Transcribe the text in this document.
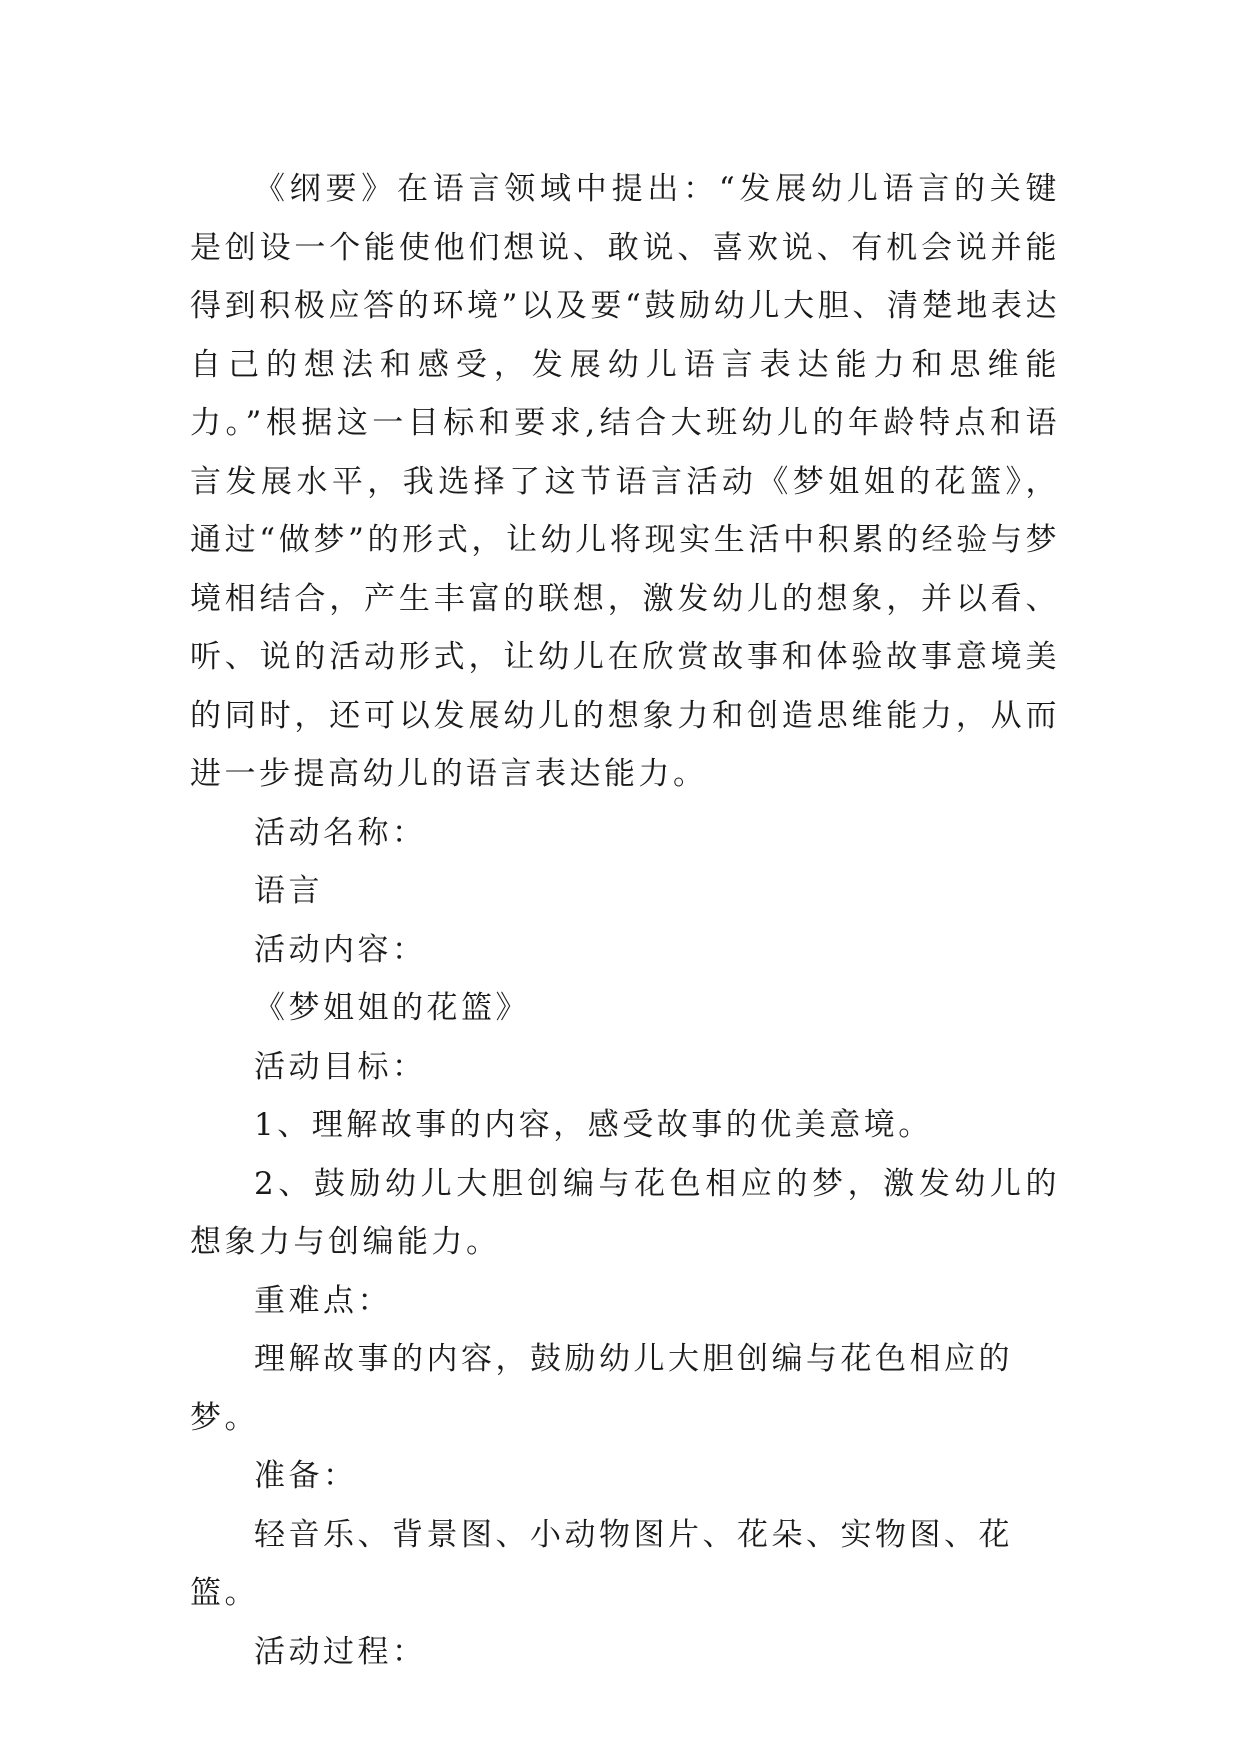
《纲要》在语言领域中提出：“发展幼儿语言的关键是创设一个能使他们想说、敢说、喜欢说、有机会说并能得到积极应答的环境”以及要“鼓励幼儿大胆、清楚地表达自己的想法和感受，发展幼儿语言表达能力和思维能力。”根据这一目标和要求,结合大班幼儿的年龄特点和语言发展水平，我选择了这节语言活动《梦姐姐的花篮》，通过“做梦”的形式，让幼儿将现实生活中积累的经验与梦境相结合，产生丰富的联想，激发幼儿的想象，并以看、听、说的活动形式，让幼儿在欣赏故事和体验故事意境美的同时，还可以发展幼儿的想象力和创造思维能力，从而进一步提高幼儿的语言表达能力。

活动名称：

语言

活动内容：

《梦姐姐的花篮》

活动目标：

1、理解故事的内容，感受故事的优美意境。

2、鼓励幼儿大胆创编与花色相应的梦，激发幼儿的想象力与创编能力。

重难点：

理解故事的内容，鼓励幼儿大胆创编与花色相应的梦。

准备：

轻音乐、背景图、小动物图片、花朵、实物图、花篮。

活动过程：
